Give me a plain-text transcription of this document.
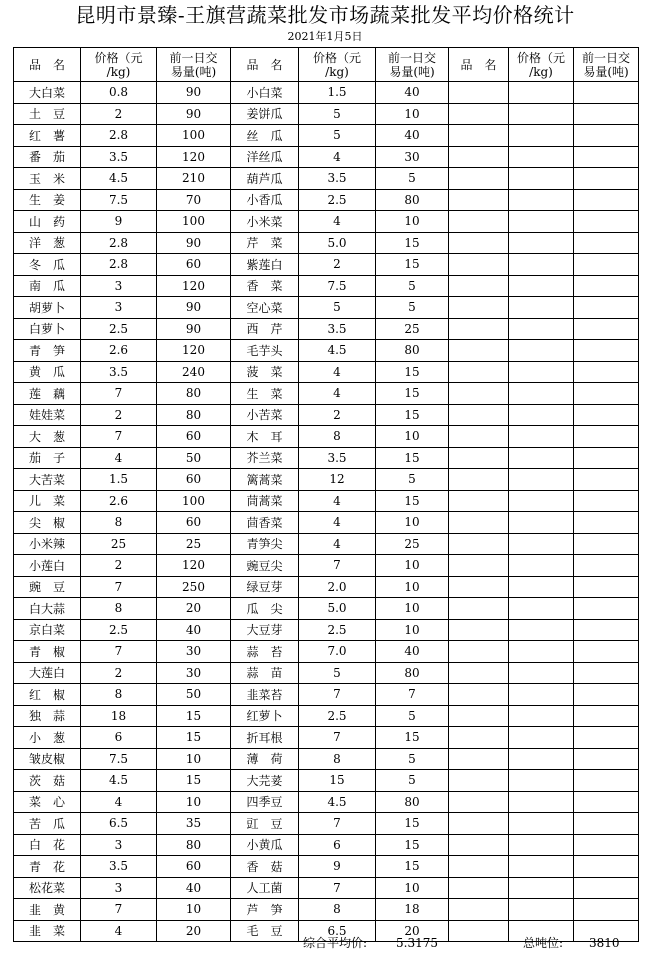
昆明市景臻-王旗营蔬菜批发市场蔬菜批发平均价格统计
2021年1月5日
品　名	价格（元
/kg)	前一日交
易量(吨)	品　名	价格（元
/kg)	前一日交
易量(吨)	品　名	价格（元
/kg)	前一日交
易量(吨)
大白菜	0.8	90	小白菜	1.5	40			
土　豆	2	90	姜饼瓜	5	10			
红　薯	2.8	100	丝　瓜	5	40			
番　茄	3.5	120	洋丝瓜	4	30			
玉　米	4.5	210	葫芦瓜	3.5	5			
生　姜	7.5	70	小香瓜	2.5	80			
山　药	9	100	小米菜	4	10			
洋　葱	2.8	90	芹　菜	5.0	15			
冬　瓜	2.8	60	紫莲白	2	15			
南　瓜	3	120	香　菜	7.5	5			
胡萝卜	3	90	空心菜	5	5			
白萝卜	2.5	90	西　芹	3.5	25			
青　笋	2.6	120	毛芋头	4.5	80			
黄　瓜	3.5	240	菠　菜	4	15			
莲　藕	7	80	生　菜	4	15			
娃娃菜	2	80	小苦菜	2	15			
大　葱	7	60	木　耳	8	10			
茄　子	4	50	芥兰菜	3.5	15			
大苦菜	1.5	60	篱蒿菜	12	5			
儿　菜	2.6	100	茼蒿菜	4	15			
尖　椒	8	60	茴香菜	4	10			
小米辣	25	25	青笋尖	4	25			
小莲白	2	120	豌豆尖	7	10			
豌　豆	7	250	绿豆芽	2.0	10			
白大蒜	8	20	瓜　尖	5.0	10			
京白菜	2.5	40	大豆芽	2.5	10			
青　椒	7	30	蒜　苔	7.0	40			
大莲白	2	30	蒜　苗	5	80			
红　椒	8	50	韭菜苔	7	7			
独　蒜	18	15	红萝卜	2.5	5			
小　葱	6	15	折耳根	7	15			
皱皮椒	7.5	10	薄　荷	8	5			
茨　菇	4.5	15	大芫荽	15	5			
菜　心	4	10	四季豆	4.5	80			
苦　瓜	6.5	35	豇　豆	7	15			
白　花	3	80	小黄瓜	6	15			
青　花	3.5	60	香　菇	9	15			
松花菜	3	40	人工菌	7	10			
韭　黄	7	10	芦　笋	8	18			
韭　菜	4	20	毛　豆	6.5	20			
综合平均价: 5.3175	总吨位: 3810
